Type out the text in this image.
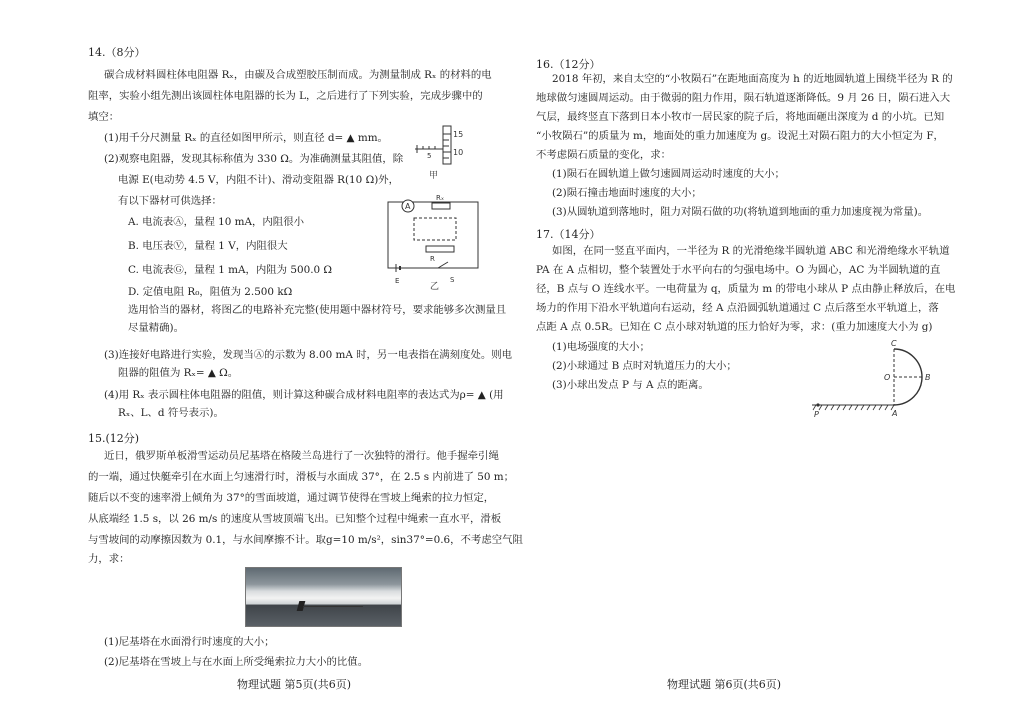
14.（8分）
碳合成材料圆柱体电阻器 Rₓ，由碳及合成塑胶压制而成。为测量制成 Rₓ 的材料的电
阻率，实验小组先测出该圆柱体电阻器的长为 L，之后进行了下列实验，完成步骤中的
填空：
(1)用千分尺测量 Rₓ 的直径如图甲所示，则直径 d= ▲ mm。
(2)观察电阻器，发现其标称值为 330 Ω。为准确测量其阻值，除
电源 E(电动势 4.5 V，内阻不计)、滑动变阻器 R(10 Ω)外，
有以下器材可供选择：
A. 电流表Ⓐ，量程 10 mA，内阻很小
B. 电压表Ⓥ，量程 1 V，内阻很大
C. 电流表Ⓖ，量程 1 mA，内阻为 500.0 Ω
D. 定值电阻 R₀，阻值为 2.500 kΩ
选用恰当的器材，将图乙的电路补充完整(使用题中器材符号，要求能够多次测量且
尽量精确)。
(3)连接好电路进行实验，发现当Ⓐ的示数为 8.00 mA 时，另一电表指在满刻度处。则电
阻器的阻值为 Rₓ= ▲ Ω。
(4)用 Rₓ 表示圆柱体电阻器的阻值，则计算这种碳合成材料电阻率的表达式为ρ= ▲ (用
Rₓ、L、d 符号表示)。
15
10
5
甲
A
Rₓ
R
E	S
乙
15.(12分)
近日，俄罗斯单板滑雪运动员尼基塔在格陵兰岛进行了一次独特的滑行。他手握牵引绳
的一端，通过快艇牵引在水面上匀速滑行时，滑板与水面成 37°，在 2.5 s 内前进了 50 m；
随后以不变的速率滑上倾角为 37°的雪面坡道，通过调节使得在雪坡上绳索的拉力恒定，
从底端经 1.5 s，以 26 m/s 的速度从雪坡顶端飞出。已知整个过程中绳索一直水平，滑板
与雪坡间的动摩擦因数为 0.1，与水间摩擦不计。取g=10 m/s²，sin37°=0.6，不考虑空气阻
力，求：
(1)尼基塔在水面滑行时速度的大小；
(2)尼基塔在雪坡上与在水面上所受绳索拉力大小的比值。
物理试题 第5页(共6页)
16.（12分）
2018 年初，来自太空的“小牧陨石”在距地面高度为 h 的近地圆轨道上围绕半径为 R 的
地球做匀速圆周运动。由于微弱的阻力作用，陨石轨道逐渐降低。9 月 26 日，陨石进入大
气层，最终竖直下落到日本小牧市一居民家的院子后，将地面砸出深度为 d 的小坑。已知
“小牧陨石”的质量为 m，地面处的重力加速度为 g。设泥土对陨石阻力的大小恒定为 F，
不考虑陨石质量的变化，求：
(1)陨石在圆轨道上做匀速圆周运动时速度的大小；
(2)陨石撞击地面时速度的大小；
(3)从圆轨道到落地时，阻力对陨石做的功(将轨道到地面的重力加速度视为常量)。
17.（14分）
如图，在同一竖直平面内，一半径为 R 的光滑绝缘半圆轨道 ABC 和光滑绝缘水平轨道
PA 在 A 点相切，整个装置处于水平向右的匀强电场中。O 为圆心，AC 为半圆轨道的直
径，B 点与 O 连线水平。一电荷量为 q，质量为 m 的带电小球从 P 点由静止释放后，在电
场力的作用下沿水平轨道向右运动，经 A 点沿圆弧轨道通过 C 点后落至水平轨道上，落
点距 A 点 0.5R。已知在 C 点小球对轨道的压力恰好为零，求：(重力加速度大小为 g)
(1)电场强度的大小；
(2)小球通过 B 点时对轨道压力的大小；
(3)小球出发点 P 与 A 点的距离。
C
O	B
P	A
物理试题 第6页(共6页)
